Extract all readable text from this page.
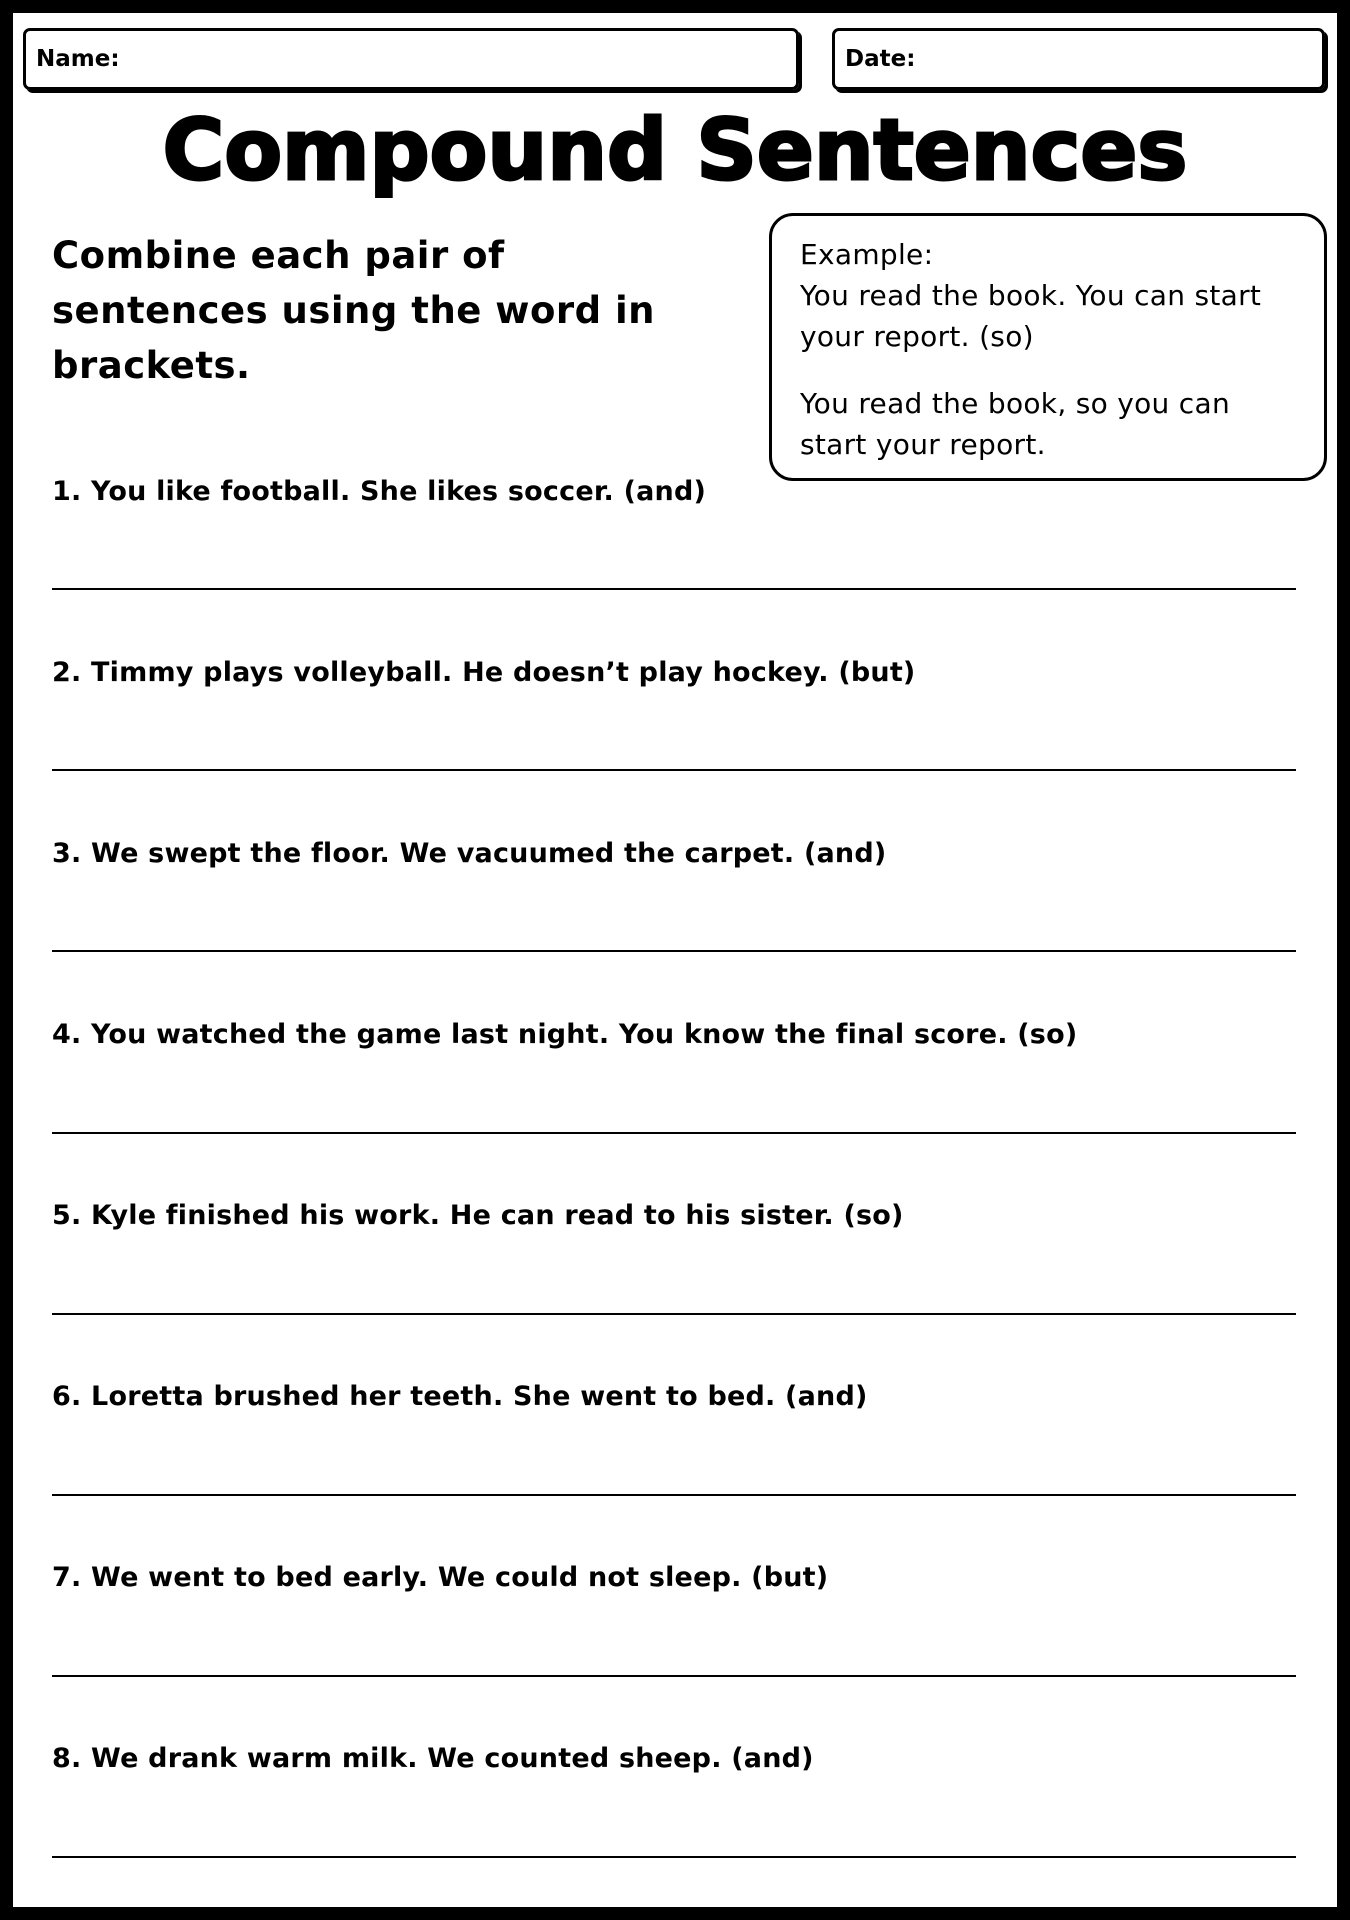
Name:	Date:
Compound Sentences
Combine each pair of sentences using the word in brackets.

Example:

You read the book. You can start your report. (so)

You read the book, so you can start your report.

1. You like football. She likes soccer. (and)
2. Timmy plays volleyball. He doesn’t play hockey. (but)
3. We swept the floor. We vacuumed the carpet. (and)
4. You watched the game last night. You know the final score. (so)
5. Kyle finished his work. He can read to his sister. (so)
6. Loretta brushed her teeth. She went to bed. (and)
7. We went to bed early. We could not sleep. (but)
8. We drank warm milk. We counted sheep. (and)
